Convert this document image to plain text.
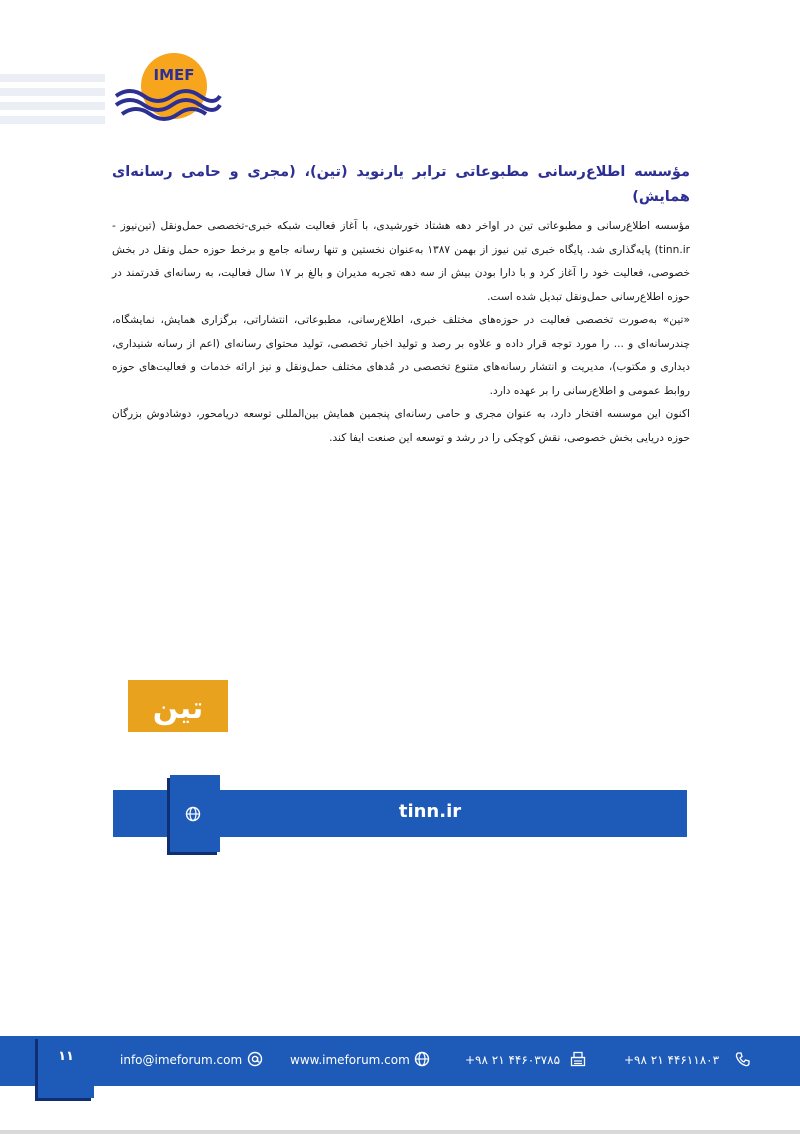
IMEF
مؤسسه اطلاع‌رسانی مطبوعاتی ترابر یارنوید (تین)، (مجری و حامی رسانه‌ای همایش)

مؤسسه اطلاع‌رسانی و مطبوعاتی تین در اواخر دهه هشتاد خورشیدی، با آغاز فعالیت شبکه خبری-تخصصی حمل‌ونقل (تین‌نیوز - tinn.ir) پایه‌گذاری شد. پایگاه خبری تین نیوز از بهمن ۱۳۸۷ به‌عنوان نخستین و تنها رسانه جامع و برخط حوزه حمل ونقل در بخش خصوصی، فعالیت خود را آغاز کرد و با دارا بودن بیش از سه دهه تجربه مدیران و بالغ بر ۱۷ سال فعالیت، به رسانه‌ای قدرتمند در حوزه اطلاع‌رسانی حمل‌ونقل تبدیل شده است.

«تین» به‌صورت تخصصی فعالیت در حوزه‌های مختلف خبری، اطلاع‌رسانی، مطبوعاتی، انتشاراتی، برگزاری همایش، نمایشگاه، چندرسانه‌ای و ... را مورد توجه قرار داده و علاوه بر رصد و تولید اخبار تخصصی، تولید محتوای رسانه‌ای (اعم از رسانه شنیداری، دیداری و مکتوب)، مدیریت و انتشار رسانه‌های متنوع تخصصی در مُدهای مختلف حمل‌ونقل و نیز ارائه خدمات و فعالیت‌های حوزه روابط عمومی و اطلاع‌رسانی را بر عهده دارد.

اکنون این موسسه افتخار دارد، به عنوان مجری و حامی رسانه‌ای پنجمین همایش بین‌المللی توسعه دریامحور، دوشادوش بزرگان حوزه دریایی بخش خصوصی، نقش کوچکی را در رشد و توسعه این صنعت ایفا کند.

تین
tinn.ir
۱۱	info@imeforum.com	www.imeforum.com	+۹۸ ۲۱ ۴۴۶۰۳۷۸۵	+۹۸ ۲۱ ۴۴۶۱۱۸۰۳
